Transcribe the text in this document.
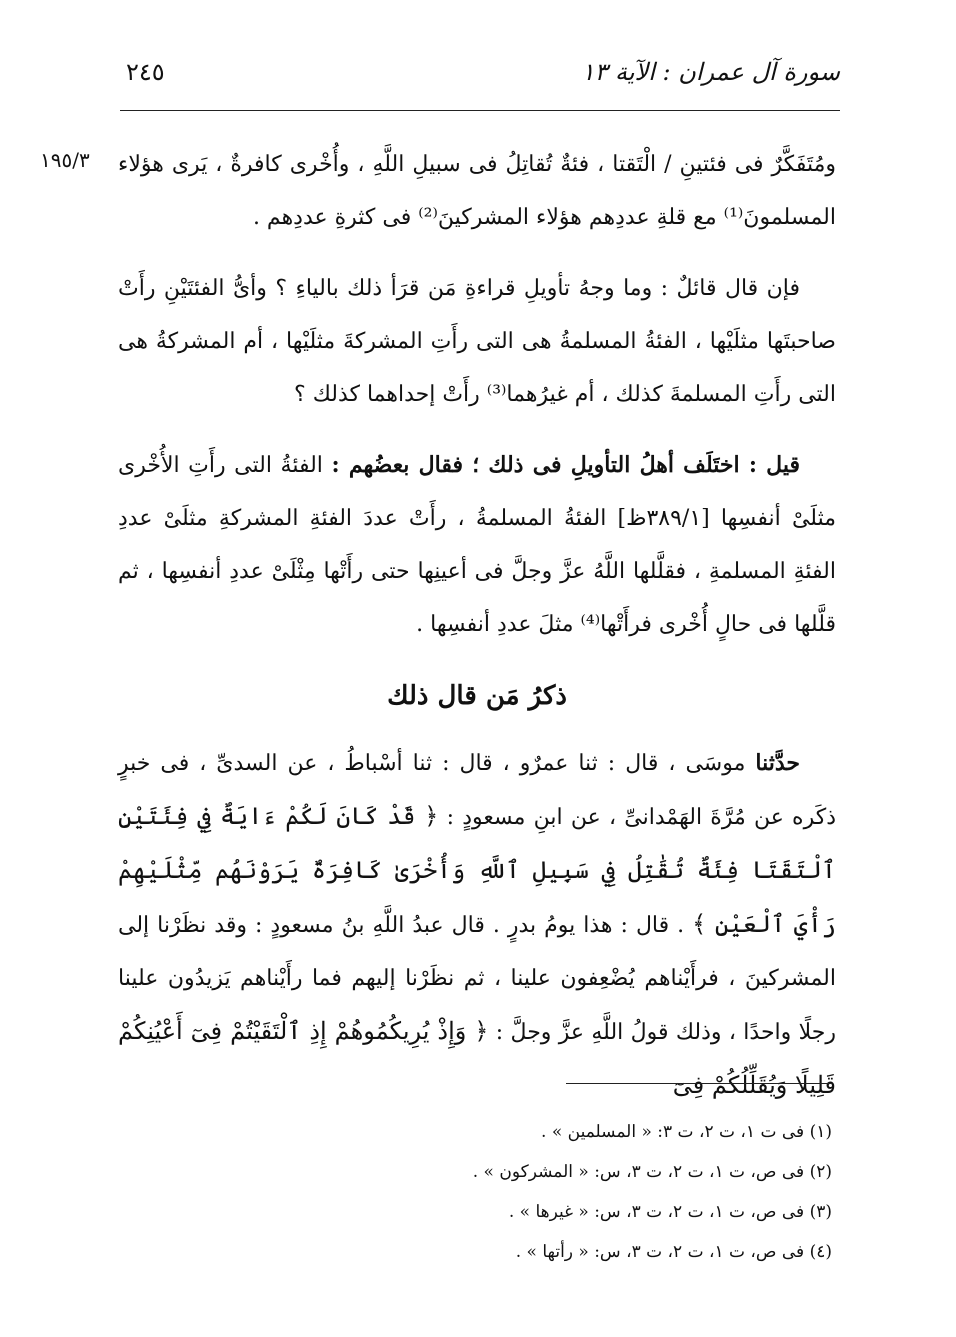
سورة آل عمران : الآية ١٣
٢٤٥
١٩٥/٣ ومُتَفَكَّرٌ فى فئتينِ / الْتَقتا ، فئةٌ تُقاتِلُ فى سبيلِ اللَّهِ ، وأُخْرى كافرةٌ ، يَرى هؤلاء المسلمونَ⁽¹⁾ مع قلةِ عددِهم هؤلاء المشركينَ⁽²⁾ فى كثرةِ عددِهم .

فإن قال قائلٌ : وما وجهُ تأويلِ قراءةِ مَن قرَأ ذلك بالياءِ ؟ وأىُّ الفئتَيْنِ رأَتْ صاحبتَها مثلَيْها ، الفئةُ المسلمةُ هى التى رأَتِ المشركةَ مثلَيْها ، أم المشركةُ هى التى رأَتِ المسلمةَ كذلك ، أم غيرُهما⁽³⁾ رأَتْ إحداهما كذلك ؟

قيل : اختَلَف أهلُ التأويلِ فى ذلك ؛ فقال بعضُهم : الفئةُ التى رأَتِ الأُخْرى مثلَىْ أنفسِها [٣٨٩/١ظ] الفئةُ المسلمةُ ، رأَتْ عددَ الفئةِ المشركةِ مثلَىْ عددِ الفئةِ المسلمةِ ، فقلَّلها اللَّهُ عزَّ وجلَّ فى أعينِها حتى رأَتْها مِثْلَىْ عددِ أنفسِها ، ثم قلَّلها فى حالٍ أُخْرى فرأَتْها⁽⁴⁾ مثلَ عددِ أنفسِها .

ذكرُ مَن قال ذلك

حدَّثنا موسَى ، قال : ثنا عمرٌو ، قال : ثنا أسْباطُ ، عن السدىِّ ، فى خبرٍ ذكَره عن مُرَّةَ الهَمْدانىِّ ، عن ابنِ مسعودٍ : ﴿ قَدْ كَانَ لَكُمْ ءَايَةٌ فِي فِئَتَيْنِ ٱلْتَقَتَا فِئَةٌ تُقَٰتِلُ فِي سَبِيلِ ٱللَّهِ وَأُخْرَىٰ كَافِرَةٌ يَرَوْنَهُم مِّثْلَيْهِمْ رَأْيَ ٱلْعَيْنِ ﴾ . قال : هذا يومُ بدرٍ . قال عبدُ اللَّهِ بنُ مسعودٍ : وقد نظَرْنا إلى المشركينَ ، فرأَيْناهم يُضْعِفون علينا ، ثم نظَرْنا إليهم فما رأَيْناهم يَزيدُون علينا رجلًا واحدًا ، وذلك قولُ اللَّهِ عزَّ وجلَّ : ﴿ وَإِذْ يُرِيكُمُوهُمْ إِذِ ٱلْتَقَيْتُمْ فِىٓ أَعْيُنِكُمْ قَلِيلًا وَيُقَلِّلُكُمْ فِىٓ

(١) فى ت ١، ت ٢، ت ٣: « المسلمين » .

(٢) فى ص، ت ١، ت ٢، ت ٣، س: « المشركون » .

(٣) فى ص، ت ١، ت ٢، ت ٣، س: « غيرها » .

(٤) فى ص، ت ١، ت ٢، ت ٣، س: « رأتها » .
